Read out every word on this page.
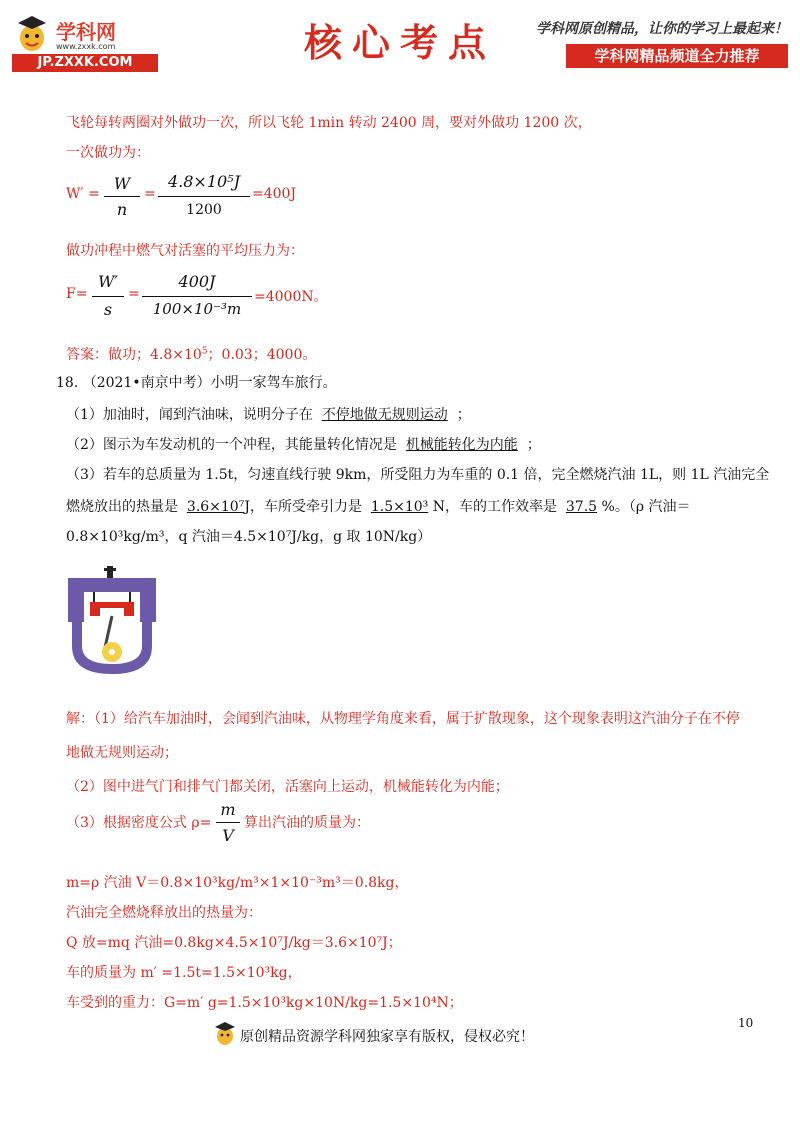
学科网
www.zxxk.com
JP.ZXXK.COM	核心考点	学科网原创精品，让你的学习上最起来！
学科网精品频道全力推荐
飞轮每转两圈对外做功一次，所以飞轮 1min 转动 2400 周，要对外做功 1200 次，
一次做功为：
W′ =
W
n
=
4.8×10⁵J
1200
=400J
做功冲程中燃气对活塞的平均压力为：
F=
W′
s
=
400J
100×10⁻³m
=4000N。
答案：做功；$4.8\times 10^5$；0.03；4000。
18. （2021•南京中考）小明一家驾车旅行。
（1）加油时，闻到汽油味，说明分子在 不停地做无规则运动 ；
（2）图示为车发动机的一个冲程，其能量转化情况是 机械能转化为内能 ；
（3）若车的总质量为 1.5t，匀速直线行驶 9km，所受阻力为车重的 0.1 倍，完全燃烧汽油 1L，则 1L 汽油完全
燃烧放出的热量是 3.6×10⁷J，车所受牵引力是 1.5×10³ N，车的工作效率是 37.5 %。（ρ 汽油＝
0.8×10³kg/m³，q 汽油＝4.5×10⁷J/kg，g 取 10N/kg）
解：（1）给汽车加油时，会闻到汽油味，从物理学角度来看，属于扩散现象，这个现象表明这汽油分子在不停
地做无规则运动；
（2）图中进气门和排气门都关闭，活塞向上运动，机械能转化为内能；
（3）根据密度公式 ρ=
m
V
算出汽油的质量为：
m=ρ 汽油 V＝0.8×10³kg/m³×1×10⁻³m³＝0.8kg，
汽油完全燃烧释放出的热量为：
Q 放=mq 汽油=0.8kg×4.5×10⁷J/kg＝3.6×10⁷J；
车的质量为 m′ =1.5t=1.5×10³kg，
车受到的重力：G=m′ g=1.5×10³kg×10N/kg=1.5×10⁴N；
原创精品资源学科网独家享有版权，侵权必究！
10
